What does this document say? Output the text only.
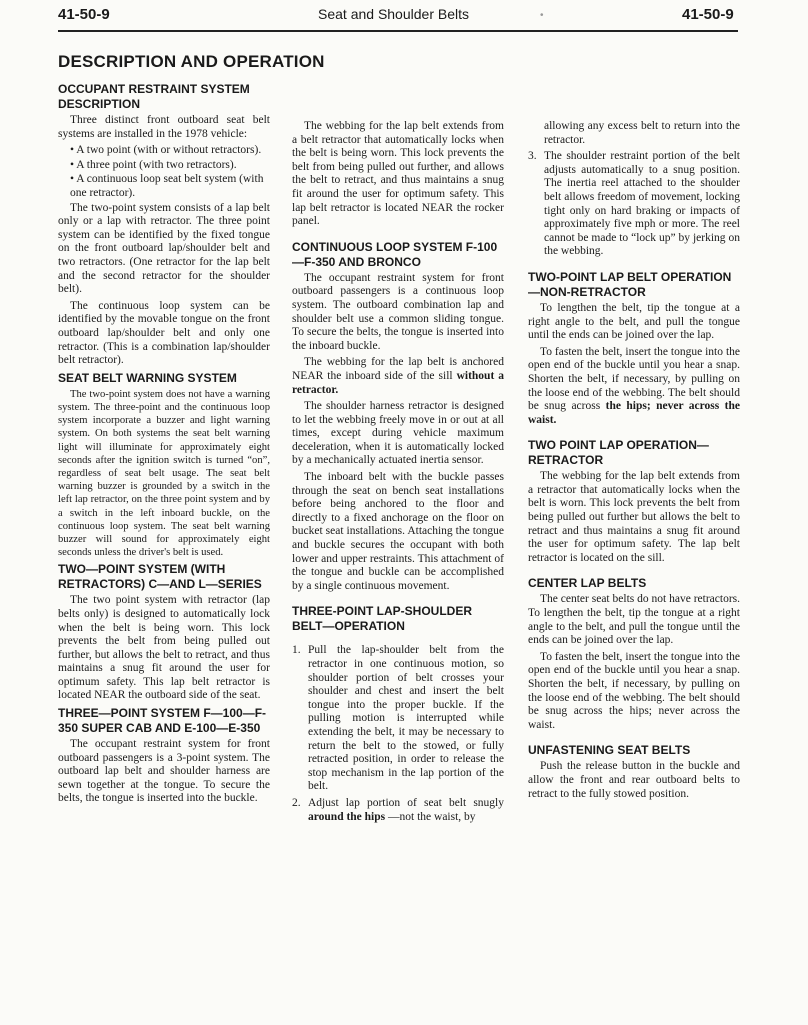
41-50-9	Seat and Shoulder Belts	•	41-50-9
DESCRIPTION AND OPERATION
OCCUPANT RESTRAINT SYSTEM DESCRIPTION

Three distinct front outboard seat belt systems are installed in the 1978 vehicle:

• A two point (with or without retractors).
• A three point (with two retractors).
• A continuous loop seat belt system (with one retractor).

The two-point system consists of a lap belt only or a lap with retractor. The three point system can be identified by the fixed tongue on the front outboard lap/shoulder belt and two retractors. (One retractor for the lap belt and the second retractor for the shoulder belt).

The continuous loop system can be identified by the movable tongue on the front outboard lap/shoulder belt and only one retractor. (This is a combination lap/shoulder belt retractor).

SEAT BELT WARNING SYSTEM

The two-point system does not have a warning system. The three-point and the continuous loop system incorporate a buzzer and light warning system. On both systems the seat belt warning light will illuminate for approximately eight seconds after the ignition switch is turned “on”, regardless of seat belt usage. The seat belt warning buzzer is grounded by a switch in the left lap retractor, on the three point system and by a switch in the left inboard buckle, on the continuous loop system. The seat belt warning buzzer will sound for approximately eight seconds unless the driver's belt is used.

TWO—POINT SYSTEM (WITH RETRACTORS) C—AND L—SERIES

The two point system with retractor (lap belts only) is designed to automatically lock when the belt is being worn. This lock prevents the belt from being pulled out further, but allows the belt to retract, and thus maintains a snug fit around the user for optimum safety. This lap belt retractor is located NEAR the outboard side of the seat.

THREE—POINT SYSTEM F—100—F-350 SUPER CAB AND E-100—E-350

The occupant restraint system for front outboard passengers is a 3-point system. The outboard lap belt and shoulder harness are sewn together at the tongue. To secure the belts, the tongue is inserted into the buckle.

The webbing for the lap belt extends from a belt retractor that automatically locks when the belt is being worn. This lock prevents the belt from being pulled out further, and allows the belt to retract, and thus maintains a snug fit around the user for optimum safety. This lap belt retractor is located NEAR the rocker panel.

CONTINUOUS LOOP SYSTEM F-100—F-350 AND BRONCO

The occupant restraint system for front outboard passengers is a continuous loop system. The outboard combination lap and shoulder belt use a common sliding tongue. To secure the belts, the tongue is inserted into the inboard buckle.

The webbing for the lap belt is anchored NEAR the inboard side of the sill without a retractor.

The shoulder harness retractor is designed to let the webbing freely move in or out at all times, except during vehicle maximum deceleration, when it is automatically locked by a mechanically actuated inertia sensor.

The inboard belt with the buckle passes through the seat on bench seat installations before being anchored to the floor and directly to a fixed anchorage on the floor on bucket seat installations. Attaching the tongue and buckle secures the occupant with both lower and upper restraints. This attachment of the tongue and buckle can be accomplished by a single continuous movement.

THREE-POINT LAP-SHOULDER BELT—OPERATION
1. Pull the lap-shoulder belt from the retractor in one continuous motion, so shoulder portion of belt crosses your shoulder and chest and insert the belt tongue into the proper buckle. If the pulling motion is interrupted while extending the belt, it may be necessary to return the belt to the stowed, or fully retracted position, in order to release the stop mechanism in the lap portion of the belt.
2. Adjust lap portion of seat belt snugly around the hips —not the waist, by

allowing any excess belt to return into the retractor.

3. The shoulder restraint portion of the belt adjusts automatically to a snug position. The inertia reel attached to the shoulder belt allows freedom of movement, locking tight only on hard braking or impacts of approximately five mph or more. The reel cannot be made to “lock up” by jerking on the webbing.
TWO-POINT LAP BELT OPERATION—NON-RETRACTOR

To lengthen the belt, tip the tongue at a right angle to the belt, and pull the tongue until the ends can be joined over the lap.

To fasten the belt, insert the tongue into the open end of the buckle until you hear a snap. Shorten the belt, if necessary, by pulling on the loose end of the webbing. The belt should be snug across the hips; never across the waist.

TWO POINT LAP OPERATION—RETRACTOR

The webbing for the lap belt extends from a retractor that automatically locks when the belt is worn. This lock prevents the belt from being pulled out further but allows the belt to retract and thus maintains a snug fit around the user for optimum safety. The lap belt retractor is located on the sill.

CENTER LAP BELTS

The center seat belts do not have retractors. To lengthen the belt, tip the tongue at a right angle to the belt, and pull the tongue until the ends can be joined over the lap.

To fasten the belt, insert the tongue into the open end of the buckle until you hear a snap. Shorten the belt, if necessary, by pulling on the loose end of the webbing. The belt should be snug across the hips; never across the waist.

UNFASTENING SEAT BELTS

Push the release button in the buckle and allow the front and rear outboard belts to retract to the fully stowed position.
